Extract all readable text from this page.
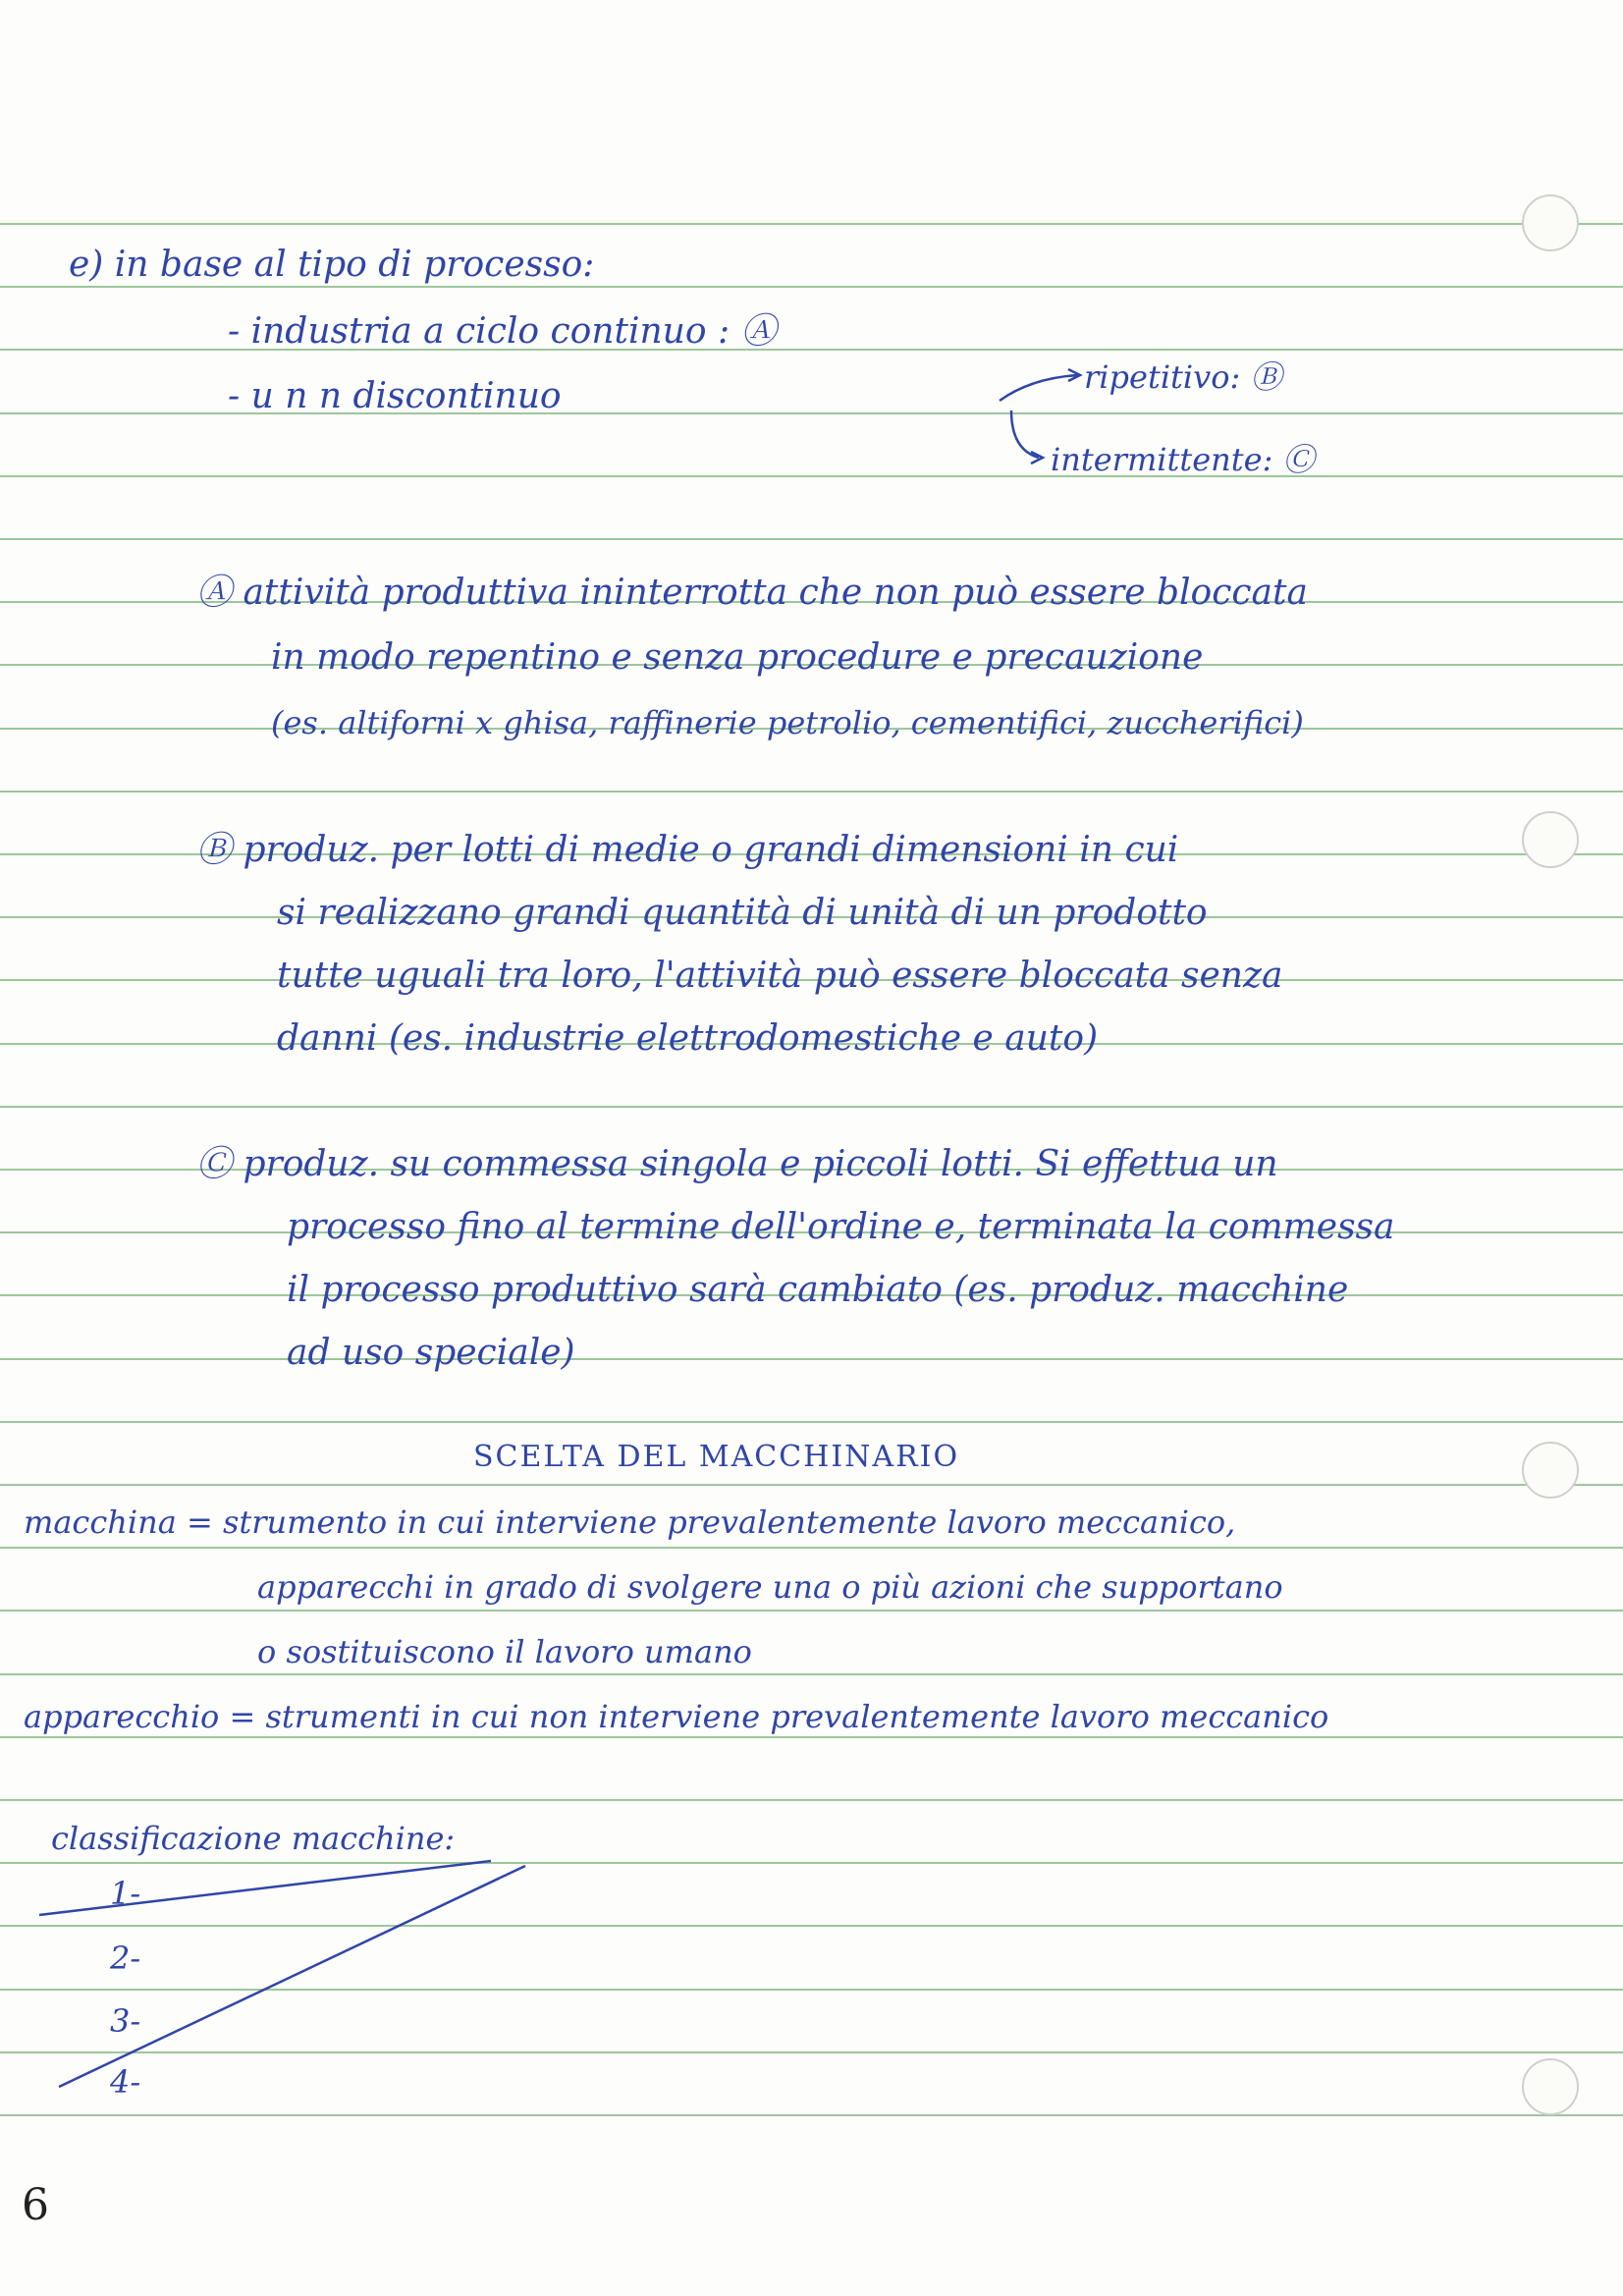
e) in base al tipo di processo:
- industria a ciclo continuo : Ⓐ
- u n n discontinuo	ripetitivo: Ⓑ
intermittente: Ⓒ
Ⓐ attività produttiva ininterrotta che non può essere bloccata
in modo repentino e senza procedure e precauzione
(es. altiforni x ghisa, raffinerie petrolio, cementifici, zuccherifici)
Ⓑ produz. per lotti di medie o grandi dimensioni in cui
si realizzano grandi quantità di unità di un prodotto
tutte uguali tra loro, l'attività può essere bloccata senza
danni (es. industrie elettrodomestiche e auto)
Ⓒ produz. su commessa singola e piccoli lotti. Si effettua un
processo fino al termine dell'ordine e, terminata la commessa
il processo produttivo sarà cambiato (es. produz. macchine
ad uso speciale)
SCELTA DEL MACCHINARIO
macchina = strumento in cui interviene prevalentemente lavoro meccanico,
apparecchi in grado di svolgere una o più azioni che supportano
o sostituiscono il lavoro umano
apparecchio = strumenti in cui non interviene prevalentemente lavoro meccanico
classificazione macchine:
1-
2-
3-
4-
6
